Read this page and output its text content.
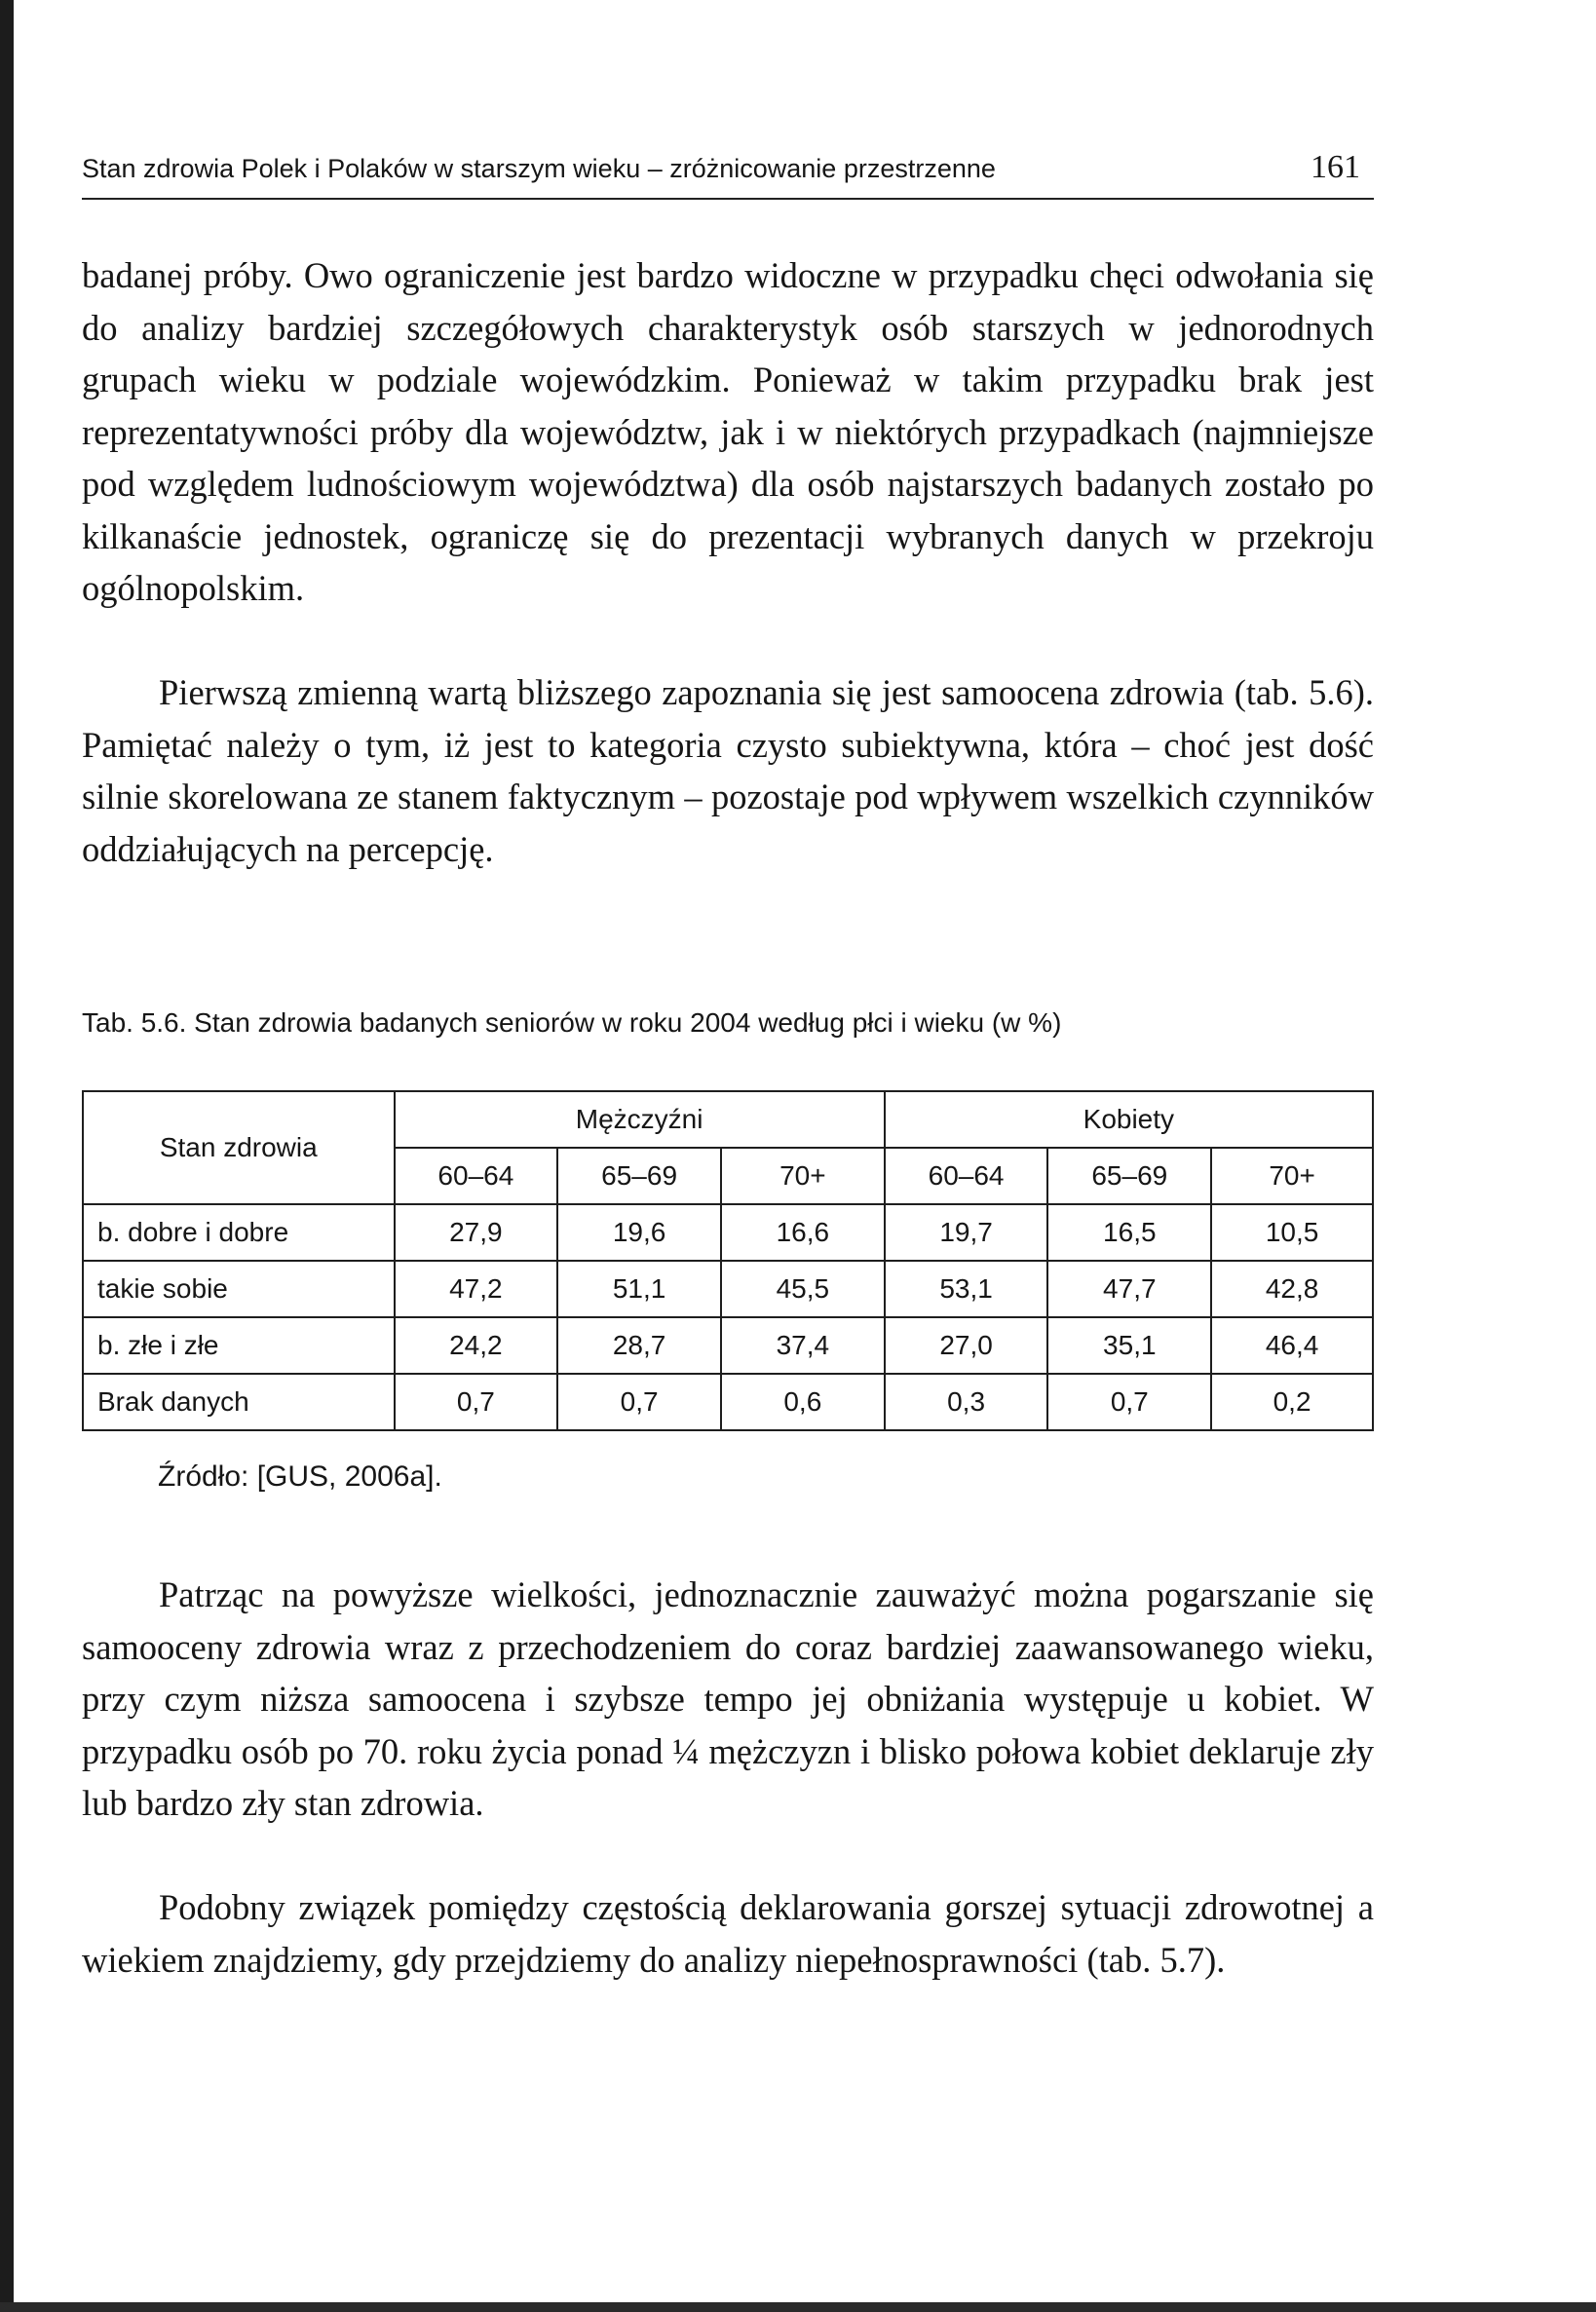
Stan zdrowia Polek i Polaków w starszym wieku – zróżnicowanie przestrzenne	161

badanej próby. Owo ograniczenie jest bardzo widoczne w przypadku chęci odwołania się do analizy bardziej szczegółowych charakterystyk osób starszych w jednorodnych grupach wieku w podziale wojewódzkim. Ponieważ w takim przypadku brak jest reprezentatywności próby dla województw, jak i w niektórych przypadkach (najmniejsze pod względem ludnościowym województwa) dla osób najstarszych badanych zostało po kilkanaście jednostek, ograniczę się do prezentacji wybranych danych w przekroju ogólnopolskim.

Pierwszą zmienną wartą bliższego zapoznania się jest samoocena zdrowia (tab. 5.6). Pamiętać należy o tym, iż jest to kategoria czysto subiektywna, która – choć jest dość silnie skorelowana ze stanem faktycznym – pozostaje pod wpływem wszelkich czynników oddziałujących na percepcję.

Tab. 5.6. Stan zdrowia badanych seniorów w roku 2004 według płci i wieku (w %)
Stan zdrowia	Mężczyźni			Kobiety		
	60–64	65–69	70+	60–64	65–69	70+
b. dobre i dobre	27,9	19,6	16,6	19,7	16,5	10,5
takie sobie	47,2	51,1	45,5	53,1	47,7	42,8
b. złe i złe	24,2	28,7	37,4	27,0	35,1	46,4
Brak danych	0,7	0,7	0,6	0,3	0,7	0,2
Źródło: [GUS, 2006a].

Patrząc na powyższe wielkości, jednoznacznie zauważyć można pogarszanie się samooceny zdrowia wraz z przechodzeniem do coraz bardziej zaawansowanego wieku, przy czym niższa samoocena i szybsze tempo jej obniżania występuje u kobiet. W przypadku osób po 70. roku życia ponad ¼ mężczyzn i blisko połowa kobiet deklaruje zły lub bardzo zły stan zdrowia.

Podobny związek pomiędzy częstością deklarowania gorszej sytuacji zdrowotnej a wiekiem znajdziemy, gdy przejdziemy do analizy niepełnosprawności (tab. 5.7).
